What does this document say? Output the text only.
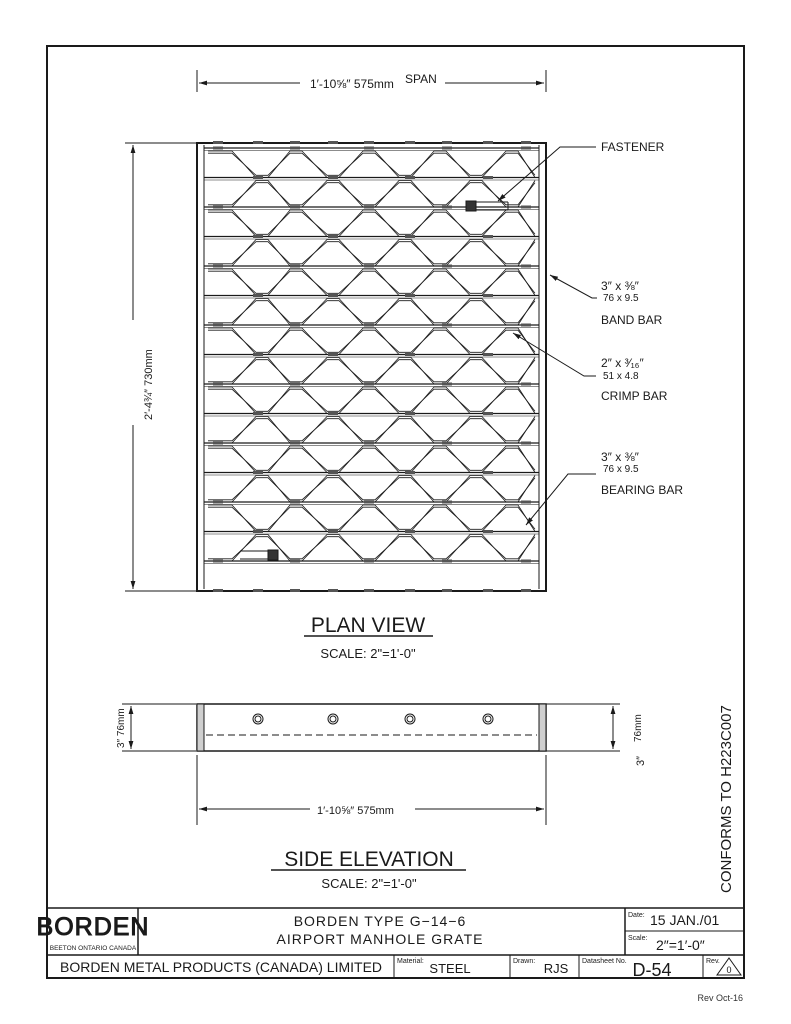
1′-10⅝″ 575mm SPAN
2′-4¾″ 730mm
PLAN VIEW
SCALE: 2"=1'-0"
FASTENER
3″ x ⅜″
76 x 9.5
BAND BAR
2″ x ³⁄₁₆″
51 x 4.8
CRIMP BAR
3″ x ⅜″
76 x 9.5
BEARING BAR
3″ 76mm
3″
76mm
1′-10⅝″ 575mm
SIDE ELEVATION
SCALE: 2"=1'-0"	CONFORMS TO H223C007
BORDEN
BEETON ONTARIO CANADA
BORDEN TYPE G−14−6
AIRPORT MANHOLE GRATE
Date: 15 JAN./01
Scale: 2″=1′-0″
BORDEN METAL PRODUCTS (CANADA) LIMITED Material: STEEL	Drawn: RJS Datasheet No. D-54	Rev.
0
Rev Oct-16
